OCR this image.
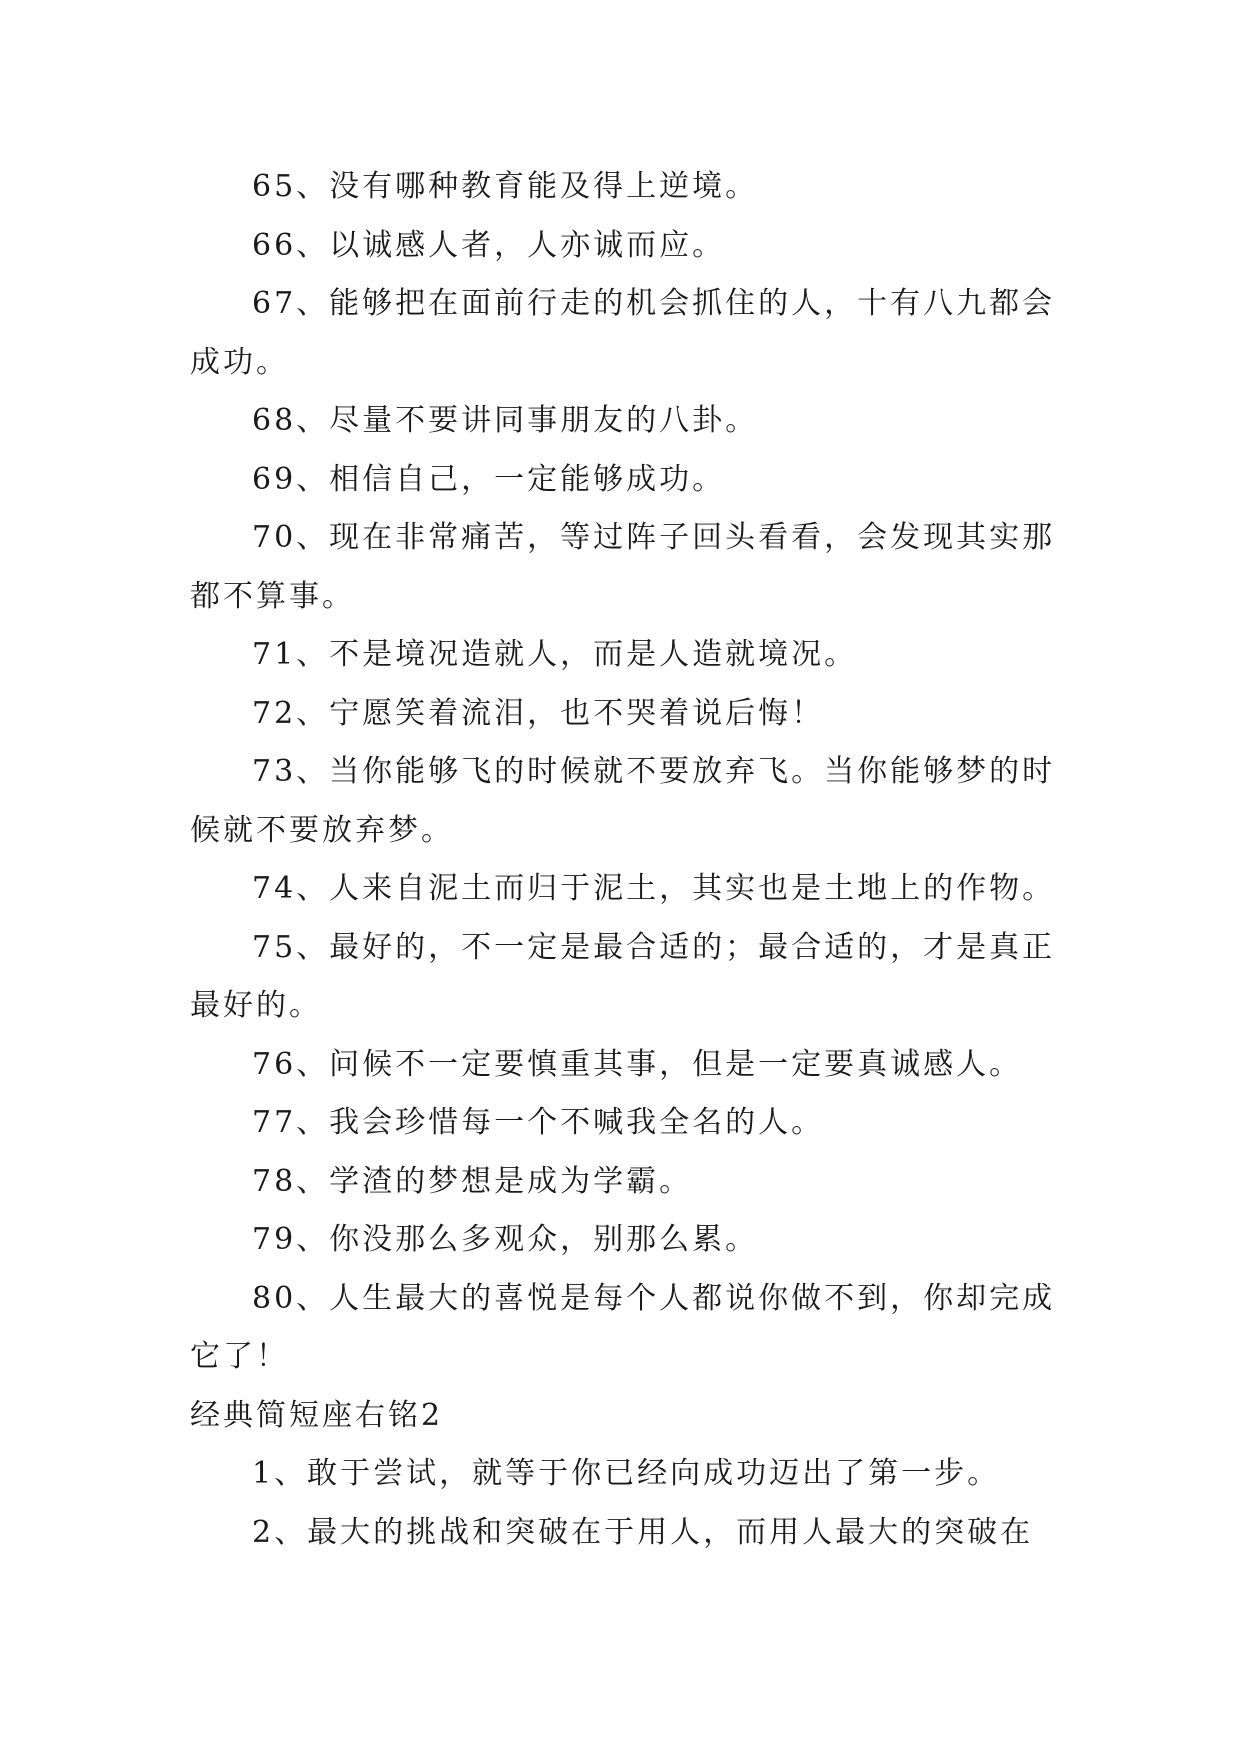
65、没有哪种教育能及得上逆境。
66、以诚感人者，人亦诚而应。
67、能够把在面前行走的机会抓住的人，十有八九都会
成功。
68、尽量不要讲同事朋友的八卦。
69、相信自己，一定能够成功。
70、现在非常痛苦，等过阵子回头看看，会发现其实那
都不算事。
71、不是境况造就人，而是人造就境况。
72、宁愿笑着流泪，也不哭着说后悔！
73、当你能够飞的时候就不要放弃飞。当你能够梦的时
候就不要放弃梦。
74、人来自泥土而归于泥土，其实也是土地上的作物。
75、最好的，不一定是最合适的；最合适的，才是真正
最好的。
76、问候不一定要慎重其事，但是一定要真诚感人。
77、我会珍惜每一个不喊我全名的人。
78、学渣的梦想是成为学霸。
79、你没那么多观众，别那么累。
80、人生最大的喜悦是每个人都说你做不到，你却完成
它了！
经典简短座右铭2
1、敢于尝试，就等于你已经向成功迈出了第一步。
2、最大的挑战和突破在于用人，而用人最大的突破在
